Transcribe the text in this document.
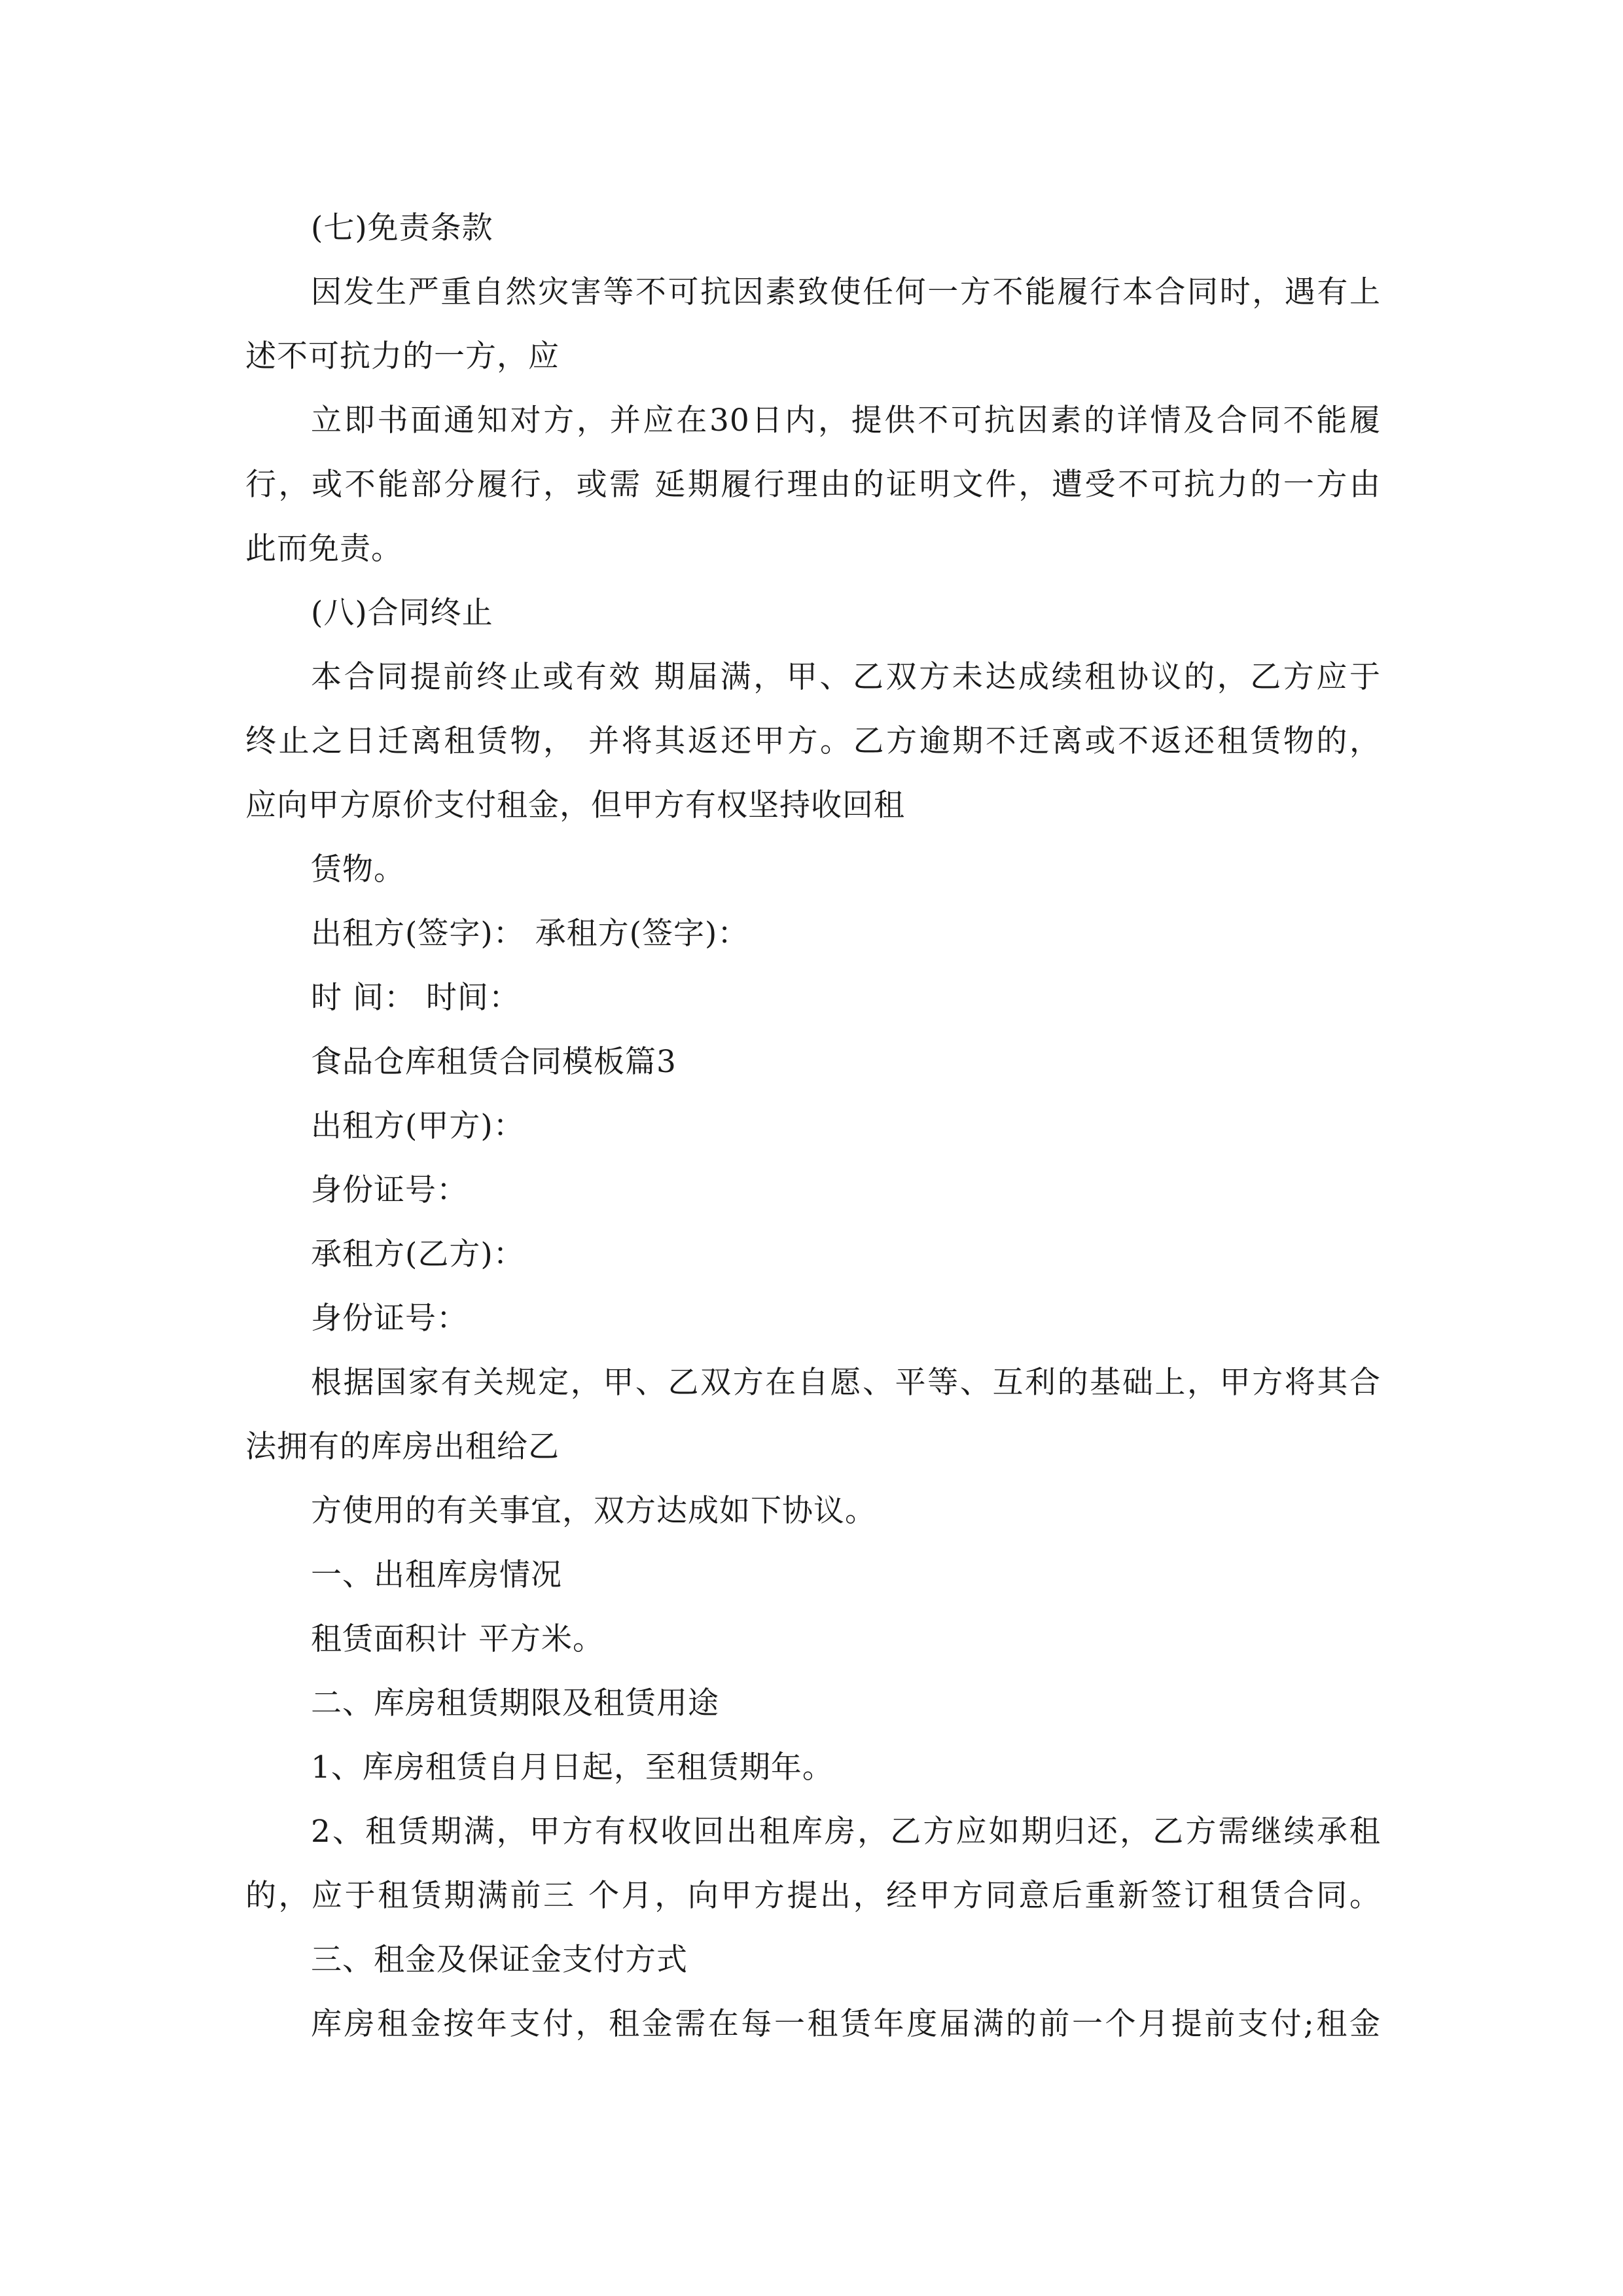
(七)免责条款

因发生严重自然灾害等不可抗因素致使任何一方不能履行本合同时，遇有上

述不可抗力的一方，应

立即书面通知对方，并应在30日内，提供不可抗因素的详情及合同不能履

行，或不能部分履行，或需 延期履行理由的证明文件，遭受不可抗力的一方由

此而免责。

(八)合同终止

本合同提前终止或有效 期届满，甲、乙双方未达成续租协议的，乙方应于

终止之日迁离租赁物， 并将其返还甲方。乙方逾期不迁离或不返还租赁物的，

应向甲方原价支付租金，但甲方有权坚持收回租

赁物。

出租方(签字)： 承租方(签字)：

时 间： 时间：

食品仓库租赁合同模板篇3

出租方(甲方)：

身份证号：

承租方(乙方)：

身份证号：

根据国家有关规定，甲、乙双方在自愿、平等、互利的基础上，甲方将其合

法拥有的库房出租给乙

方使用的有关事宜，双方达成如下协议。

一、出租库房情况

租赁面积计 平方米。

二、库房租赁期限及租赁用途

1、库房租赁自月日起，至租赁期年。

2、租赁期满，甲方有权收回出租库房，乙方应如期归还，乙方需继续承租

的，应于租赁期满前三 个月，向甲方提出，经甲方同意后重新签订租赁合同。

三、租金及保证金支付方式

库房租金按年支付，租金需在每一租赁年度届满的前一个月提前支付;租金
